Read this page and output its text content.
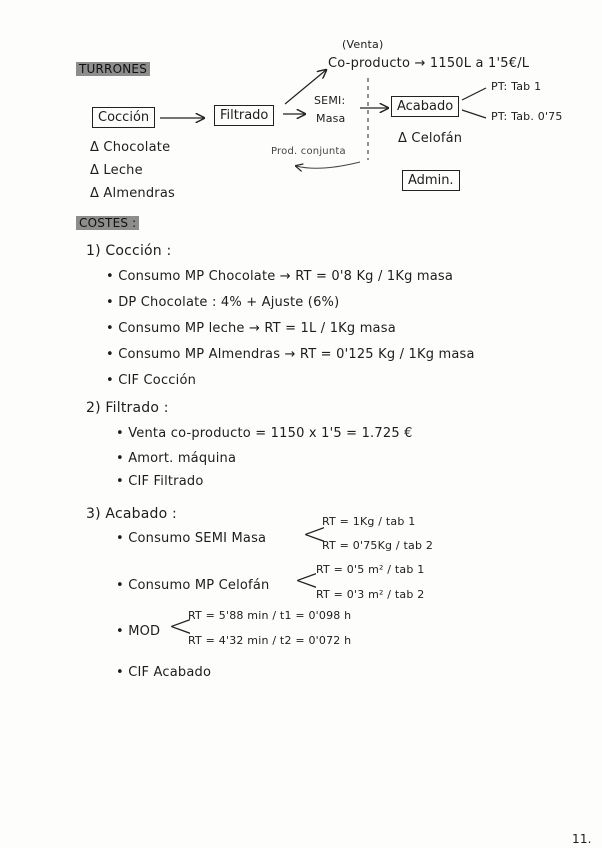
TURRONES
(Venta)
Co-producto → 1150L a 1'5€/L
Cocción	Filtrado
SEMI:
Masa
Acabado
PT: Tab 1
PT: Tab. 0'75
Δ Celofán
Prod. conjunta
Admin.
Δ Chocolate
Δ Leche
Δ Almendras
COSTES :
1) Cocción :
• Consumo MP Chocolate → RT = 0'8 Kg / 1Kg masa
• DP Chocolate : 4% + Ajuste (6%)
• Consumo MP leche → RT = 1L / 1Kg masa
• Consumo MP Almendras → RT = 0'125 Kg / 1Kg masa
• CIF Cocción
2) Filtrado :
• Venta co-producto = 1150 x 1'5 = 1.725 €
• Amort. máquina
• CIF Filtrado
3) Acabado :
• Consumo SEMI Masa <
RT = 1Kg / tab 1
RT = 0'75Kg / tab 2
• Consumo MP Celofán <
RT = 0'5 m² / tab 1
RT = 0'3 m² / tab 2
• MOD <
RT = 5'88 min / t1 = 0'098 h
RT = 4'32 min / t2 = 0'072 h
• CIF Acabado
11.
